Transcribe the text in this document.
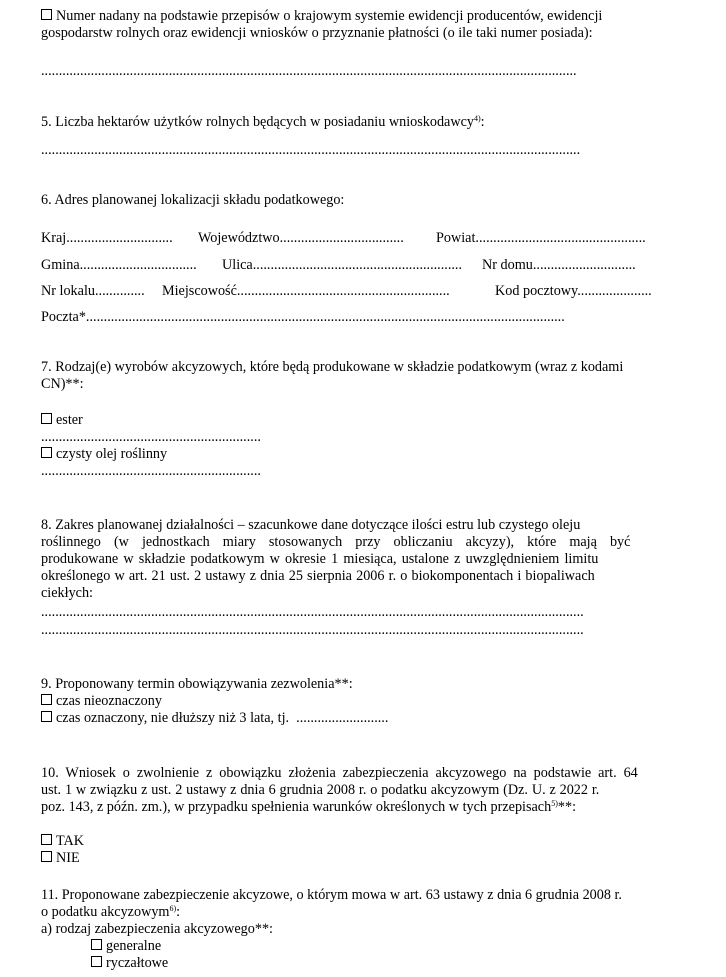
Numer nadany na podstawie przepisów o krajowym systemie ewidencji producentów, ewidencji
gospodarstw rolnych oraz ewidencji wniosków o przyznanie płatności (o ile taki numer posiada):
.......................................................................................................................................................
5. Liczba hektarów użytków rolnych będących w posiadaniu wnioskodawcy$^{4)}$:
........................................................................................................................................................
6. Adres planowanej lokalizacji składu podatkowego:
Kraj.............................. Województwo................................... Powiat................................................
Gmina................................. Ulica........................................................... Nr domu.............................
Nr lokalu.............. Miejscowość............................................................	Kod pocztowy.....................
Poczta*.......................................................................................................................................
7. Rodzaj(e) wyrobów akcyzowych, które będą produkowane w składzie podatkowym (wraz z kodami
CN)**:
ester
..............................................................
czysty olej roślinny
..............................................................
8. Zakres planowanej działalności – szacunkowe dane dotyczące ilości estru lub czystego oleju
roślinnego (w jednostkach miary stosowanych przy obliczaniu akcyzy), które mają być
produkowane w składzie podatkowym w okresie 1 miesiąca, ustalone z uwzględnieniem limitu
określonego w art. 21 ust. 2 ustawy z dnia 25 sierpnia 2006 r. o biokomponentach i biopaliwach
ciekłych:
.........................................................................................................................................................
.........................................................................................................................................................
9. Proponowany termin obowiązywania zezwolenia**:
czas nieoznaczony
czas oznaczony, nie dłuższy niż 3 lata, tj. ..........................
10. Wniosek o zwolnienie z obowiązku złożenia zabezpieczenia akcyzowego na podstawie art. 64
ust. 1 w związku z ust. 2 ustawy z dnia 6 grudnia 2008 r. o podatku akcyzowym (Dz. U. z 2022 r.
poz. 143, z późn. zm.), w przypadku spełnienia warunków określonych w tych przepisach$^{5)}$**:
TAK
NIE
11. Proponowane zabezpieczenie akcyzowe, o którym mowa w art. 63 ustawy z dnia 6 grudnia 2008 r.
o podatku akcyzowym$^{6)}$:
a) rodzaj zabezpieczenia akcyzowego**:
generalne
ryczałtowe
